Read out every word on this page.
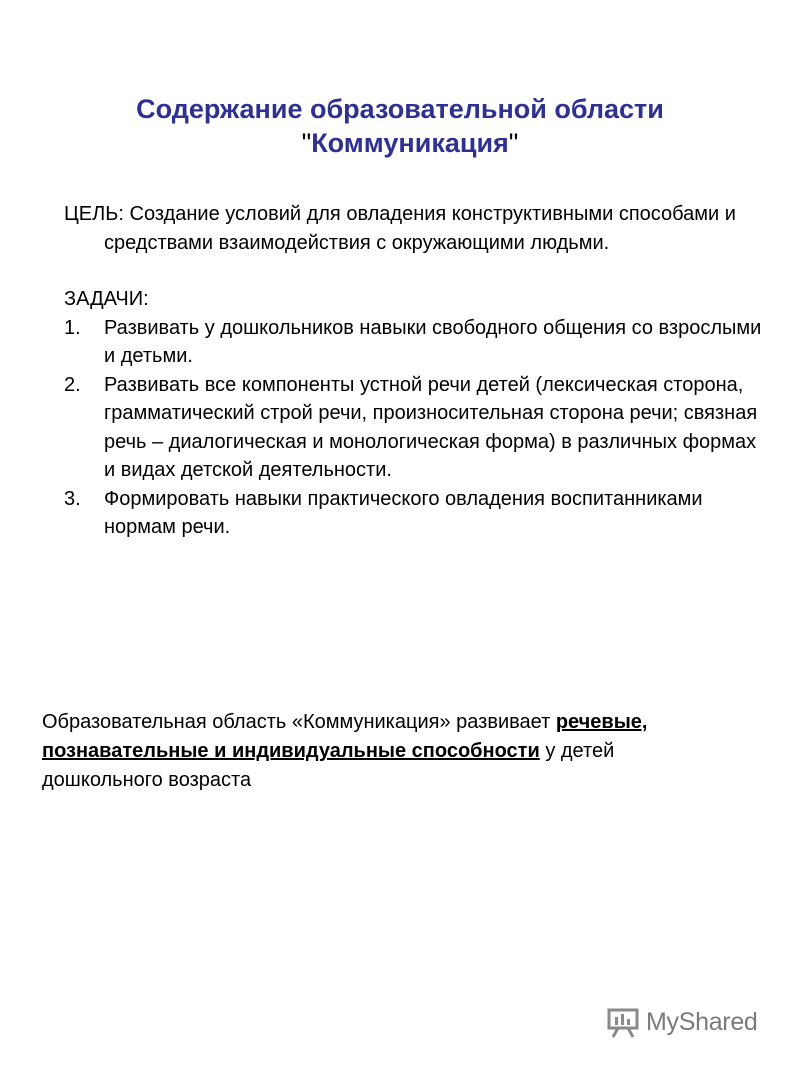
Содержание образовательной области
"Коммуникация"

ЦЕЛЬ: Создание условий для овладения конструктивными способами и средствами взаимодействия с окружающими людьми.

ЗАДАЧИ:

1. Развивать у дошкольников навыки свободного общения со взрослыми и детьми.
2. Развивать все компоненты устной речи детей (лексическая сторона, грамматический строй речи, произносительная сторона речи; связная речь – диалогическая и монологическая форма) в различных формах и видах детской деятельности.
3. Формировать навыки практического овладения воспитанниками нормам речи.
Образовательная область «Коммуникация» развивает речевые, познавательные и индивидуальные способности у детей дошкольного возраста
MyShared
